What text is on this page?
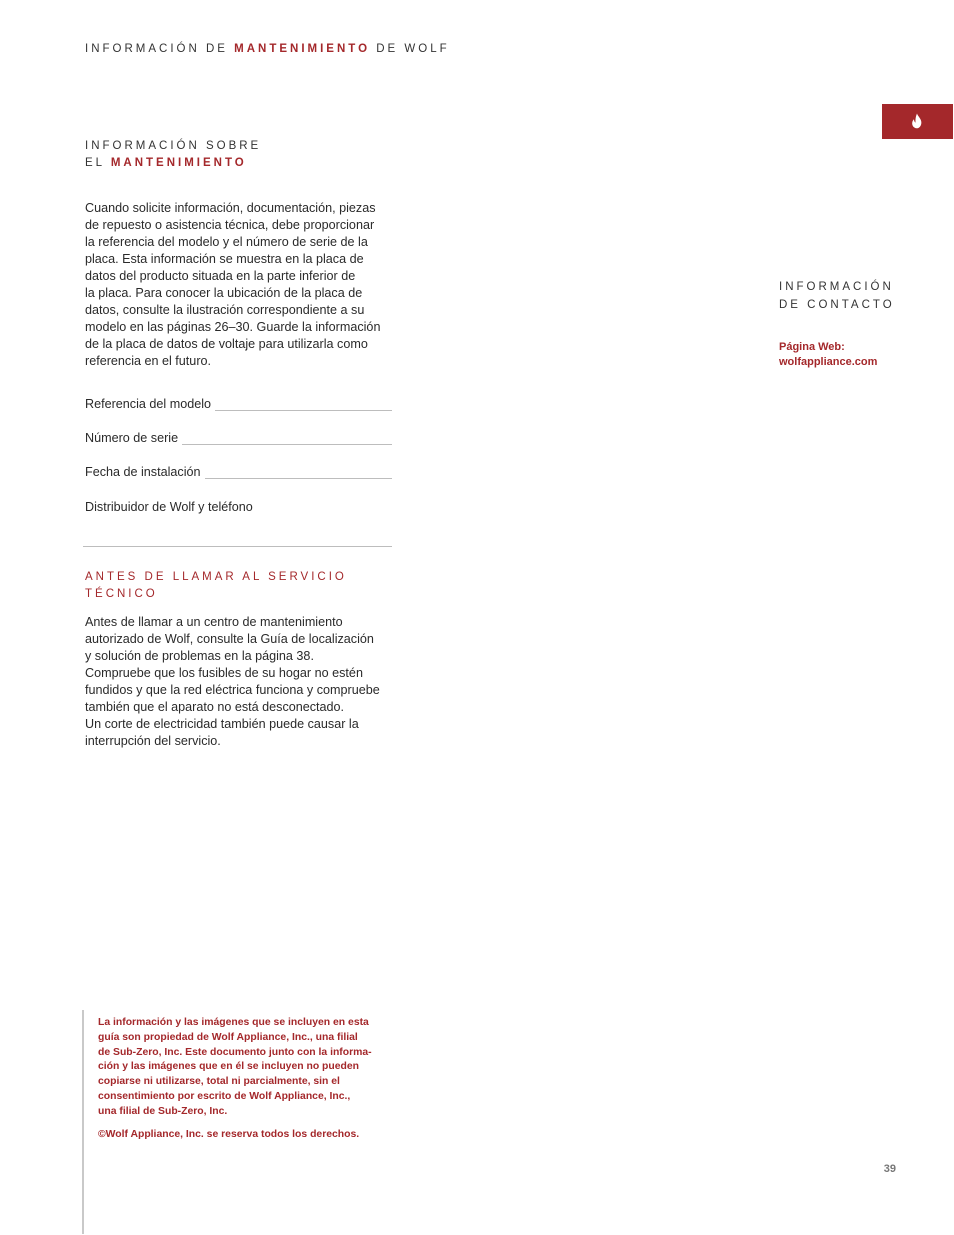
INFORMACIÓN DE MANTENIMIENTO DE WOLF
INFORMACIÓN SOBRE
EL MANTENIMIENTO
Cuando solicite información, documentación, piezas
de repuesto o asistencia técnica, debe proporcionar
la referencia del modelo y el número de serie de la
placa. Esta información se muestra en la placa de
datos del producto situada en la parte inferior de
la placa. Para conocer la ubicación de la placa de
datos, consulte la ilustración correspondiente a su
modelo en las páginas 26–30. Guarde la información
de la placa de datos de voltaje para utilizarla como
referencia en el futuro.
Referencia del modelo
Número de serie
Fecha de instalación
Distribuidor de Wolf y teléfono
ANTES DE LLAMAR AL SERVICIO
TÉCNICO
Antes de llamar a un centro de mantenimiento
autorizado de Wolf, consulte la Guía de localización
y solución de problemas en la página 38.
Compruebe que los fusibles de su hogar no estén
fundidos y que la red eléctrica funciona y compruebe
también que el aparato no está desconectado.
Un corte de electricidad también puede causar la
interrupción del servicio.
INFORMACIÓN
DE CONTACTO
Página Web:
wolfappliance.com
La información y las imágenes que se incluyen en esta
guía son propiedad de Wolf Appliance, Inc., una filial
de Sub-Zero, Inc. Este documento junto con la informa-
ción y las imágenes que en él se incluyen no pueden
copiarse ni utilizarse, total ni parcialmente, sin el
consentimiento por escrito de Wolf Appliance, Inc.,
una filial de Sub-Zero, Inc.
©Wolf Appliance, Inc. se reserva todos los derechos.
39
